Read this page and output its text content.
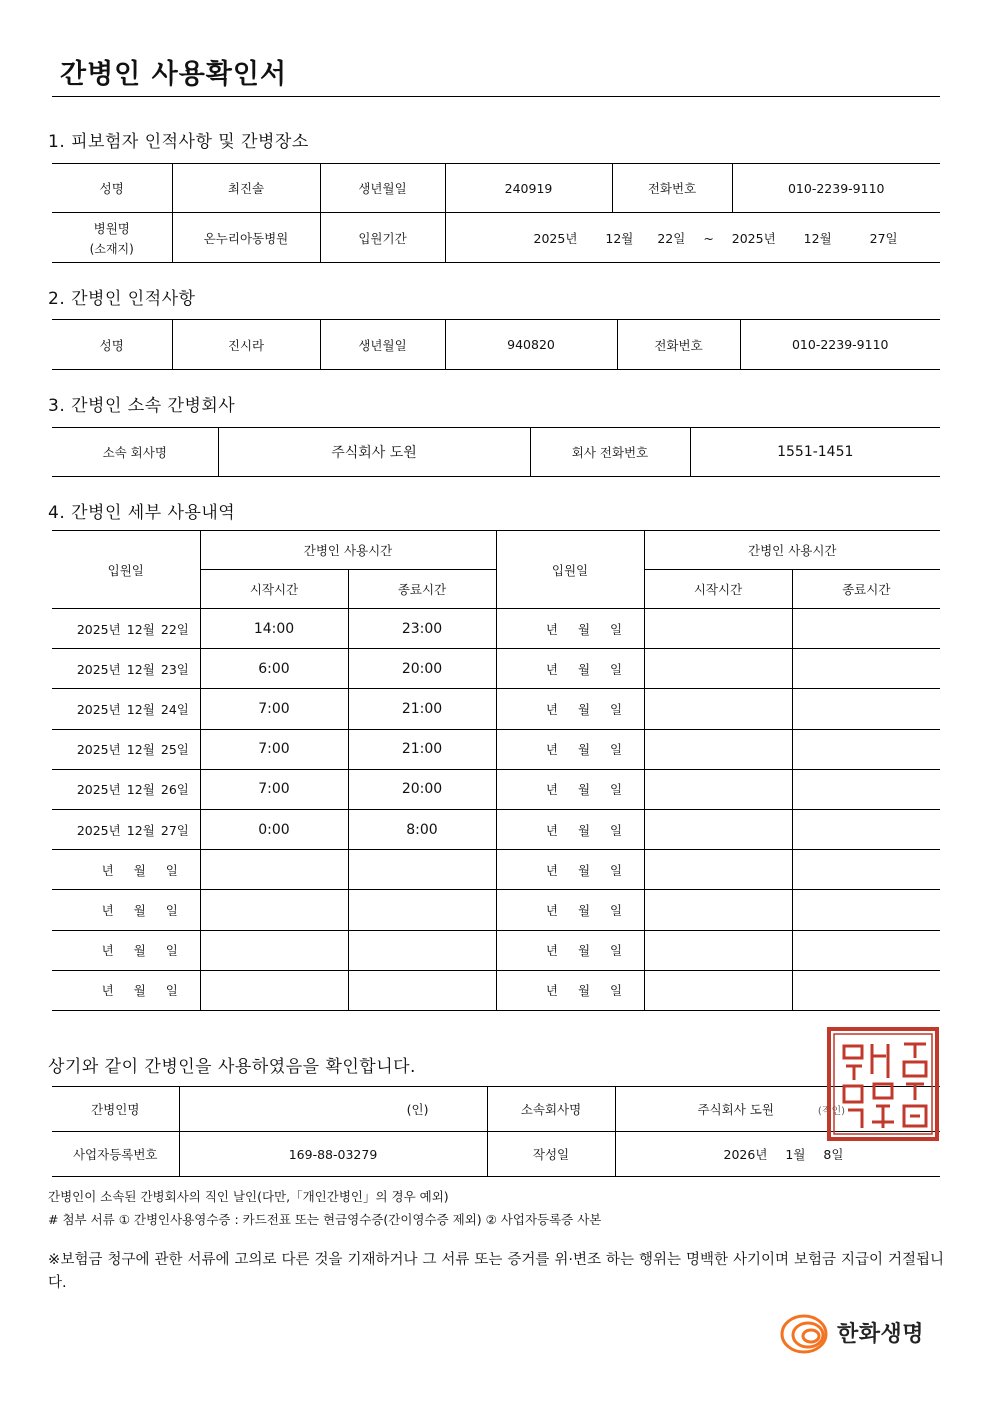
간병인 사용확인서
1. 피보험자 인적사항 및 간병장소
성명	최진솔	생년월일	240919	전화번호	010-2239-9110

병원명
(소재지)	온누리아동병원	입원기간	2025년 12월 22일 ~ 2025년 12월 27일		
2. 간병인 인적사항
성명	진시라	생년월일	940820	전화번호	010-2239-9110
3. 간병인 소속 간병회사
소속 회사명	주식회사 도원	회사 전화번호	1551-1451
4. 간병인 세부 사용내역
입원일	간병인 사용시간		입원일	간병인 사용시간	
	시작시간	종료시간		시작시간	종료시간
2025년 12월 22일	14:00	23:00	년 월 일		
2025년 12월 23일	6:00	20:00	년 월 일		
2025년 12월 24일	7:00	21:00	년 월 일		
2025년 12월 25일	7:00	21:00	년 월 일		
2025년 12월 26일	7:00	20:00	년 월 일		
2025년 12월 27일	0:00	8:00	년 월 일		
년 월 일			년 월 일		
년 월 일			년 월 일		
년 월 일			년 월 일		
년 월 일			년 월 일		
상기와 같이 간병인을 사용하였음을 확인합니다.
간병인명	(인)	소속회사명	주식회사 도원 (직인)
사업자등록번호	169-88-03279	작성일	2026년 1월 8일
간병인이 소속된 간병회사의 직인 날인(다만,「개인간병인」의 경우 예외)
# 첨부 서류 ① 간병인사용영수증 : 카드전표 또는 현금영수증(간이영수증 제외) ② 사업자등록증 사본
※보험금 청구에 관한 서류에 고의로 다른 것을 기재하거나 그 서류 또는 증거를 위·변조 하는 행위는 명백한 사기이며 보험금 지급이 거절됩니다.
한화생명
